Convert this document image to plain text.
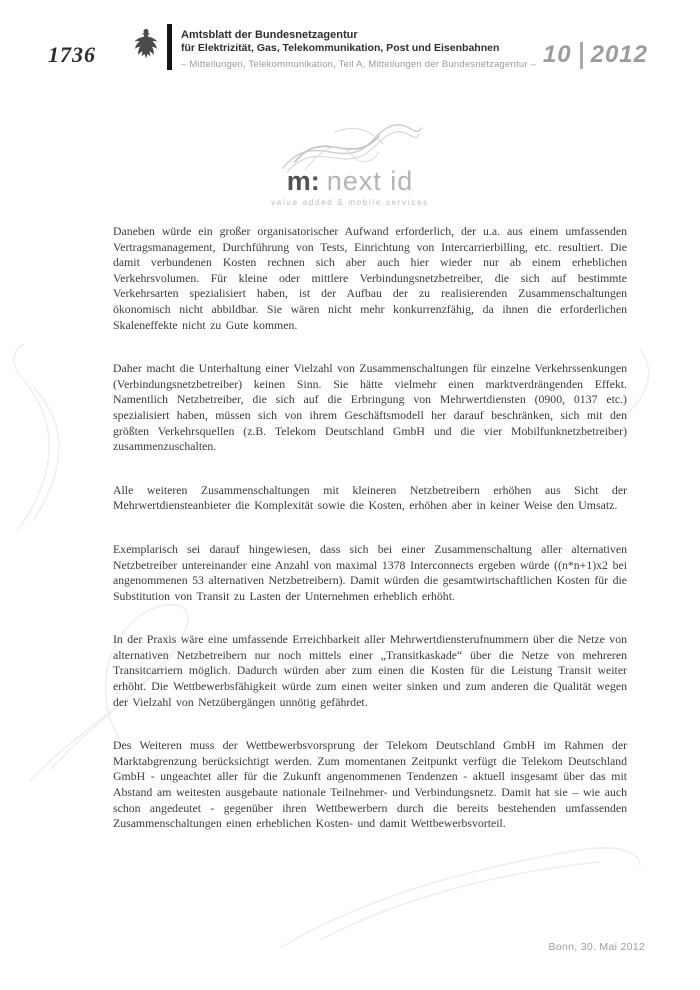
1736
Amtsblatt der Bundesnetzagentur
für Elektrizität, Gas, Telekommunikation, Post und Eisenbahnen
– Mitteilungen, Telekommunikation, Teil A, Mitteilungen der Bundesnetzagentur – 10 2012
m: next id
value added & mobile services

Daneben würde ein großer organisatorischer Aufwand erforderlich, der u.a. aus einem umfassenden Vertragsmanagement, Durchführung von Tests, Einrichtung von Intercarrierbilling, etc. resultiert. Die damit verbundenen Kosten rechnen sich aber auch hier wieder nur ab einem erheblichen Verkehrsvolumen. Für kleine oder mittlere Verbindungsnetzbetreiber, die sich auf bestimmte Verkehrsarten spezialisiert haben, ist der Aufbau der zu realisierenden Zusammenschaltungen ökonomisch nicht abbildbar. Sie wären nicht mehr konkurrenzfähig, da ihnen die erforderlichen Skaleneffekte nicht zu Gute kommen.

Daher macht die Unterhaltung einer Vielzahl von Zusammenschaltungen für einzelne Verkehrssenkungen (Verbindungsnetzbetreiber) keinen Sinn. Sie hätte vielmehr einen marktverdrängenden Effekt. Namentlich Netzbetreiber, die sich auf die Erbringung von Mehrwertdiensten (0900, 0137 etc.) spezialisiert haben, müssen sich von ihrem Geschäftsmodell her darauf beschränken, sich mit den größten Verkehrsquellen (z.B. Telekom Deutschland GmbH und die vier Mobilfunknetzbetreiber) zusammenzuschalten.

Alle weiteren Zusammenschaltungen mit kleineren Netzbetreibern erhöhen aus Sicht der Mehrwertdiensteanbieter die Komplexität sowie die Kosten, erhöhen aber in keiner Weise den Umsatz.

Exemplarisch sei darauf hingewiesen, dass sich bei einer Zusammenschaltung aller alternativen Netzbetreiber untereinander eine Anzahl von maximal 1378 Interconnects ergeben würde ((n*n+1)x2 bei angenommenen 53 alternativen Netzbetreibern). Damit würden die gesamtwirtschaftlichen Kosten für die Substitution von Transit zu Lasten der Unternehmen erheblich erhöht.

In der Praxis wäre eine umfassende Erreichbarkeit aller Mehrwertdiensterufnummern über die Netze von alternativen Netzbetreibern nur noch mittels einer „Transitkaskade“ über die Netze von mehreren Transitcarriern möglich. Dadurch würden aber zum einen die Kosten für die Leistung Transit weiter erhöht. Die Wettbewerbsfähigkeit würde zum einen weiter sinken und zum anderen die Qualität wegen der Vielzahl von Netzübergängen unnötig gefährdet.

Des Weiteren muss der Wettbewerbsvorsprung der Telekom Deutschland GmbH im Rahmen der Marktabgrenzung berücksichtigt werden. Zum momentanen Zeitpunkt verfügt die Telekom Deutschland GmbH - ungeachtet aller für die Zukunft angenommenen Tendenzen - aktuell insgesamt über das mit Abstand am weitesten ausgebaute nationale Teilnehmer- und Verbindungsnetz. Damit hat sie – wie auch schon angedeutet - gegenüber ihren Wettbewerbern durch die bereits bestehenden umfassenden Zusammenschaltungen einen erheblichen Kosten- und damit Wettbewerbsvorteil.

Bonn, 30. Mai 2012
